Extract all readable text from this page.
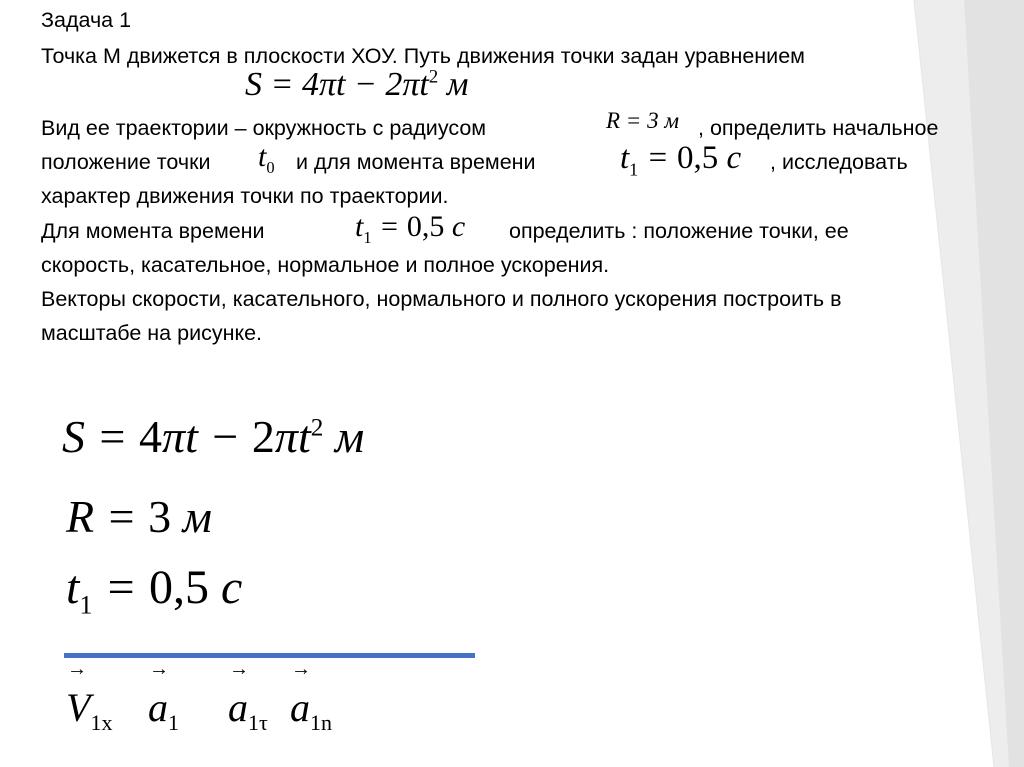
Задача 1
Точка М движется в плоскости ХОУ. Путь движения точки задан уравнением
$S = 4\pi t - 2\pi t^2$ м
Вид ее траектории – окружность с радиусом	R = 3 м , определить начальное
положение точки $t_0$ и для момента времени	$t_1 = 0,5$ с , исследовать
характер движения точки по траектории.
Для момента времени	$t_1 = 0,5$ с определить : положение точки, ее
скорость, касательное, нормальное и полное ускорения.
Векторы скорости, касательного, нормального и полного ускорения построить в
масштабе на рисунке.
$S = 4\pi t - 2\pi t^2$ м
R = 3 м
$t_1 = 0,5$ с
→ $V_{1x}$
→ $a_1$
→ $a_{1\tau}$
→ $a_{1n}$
